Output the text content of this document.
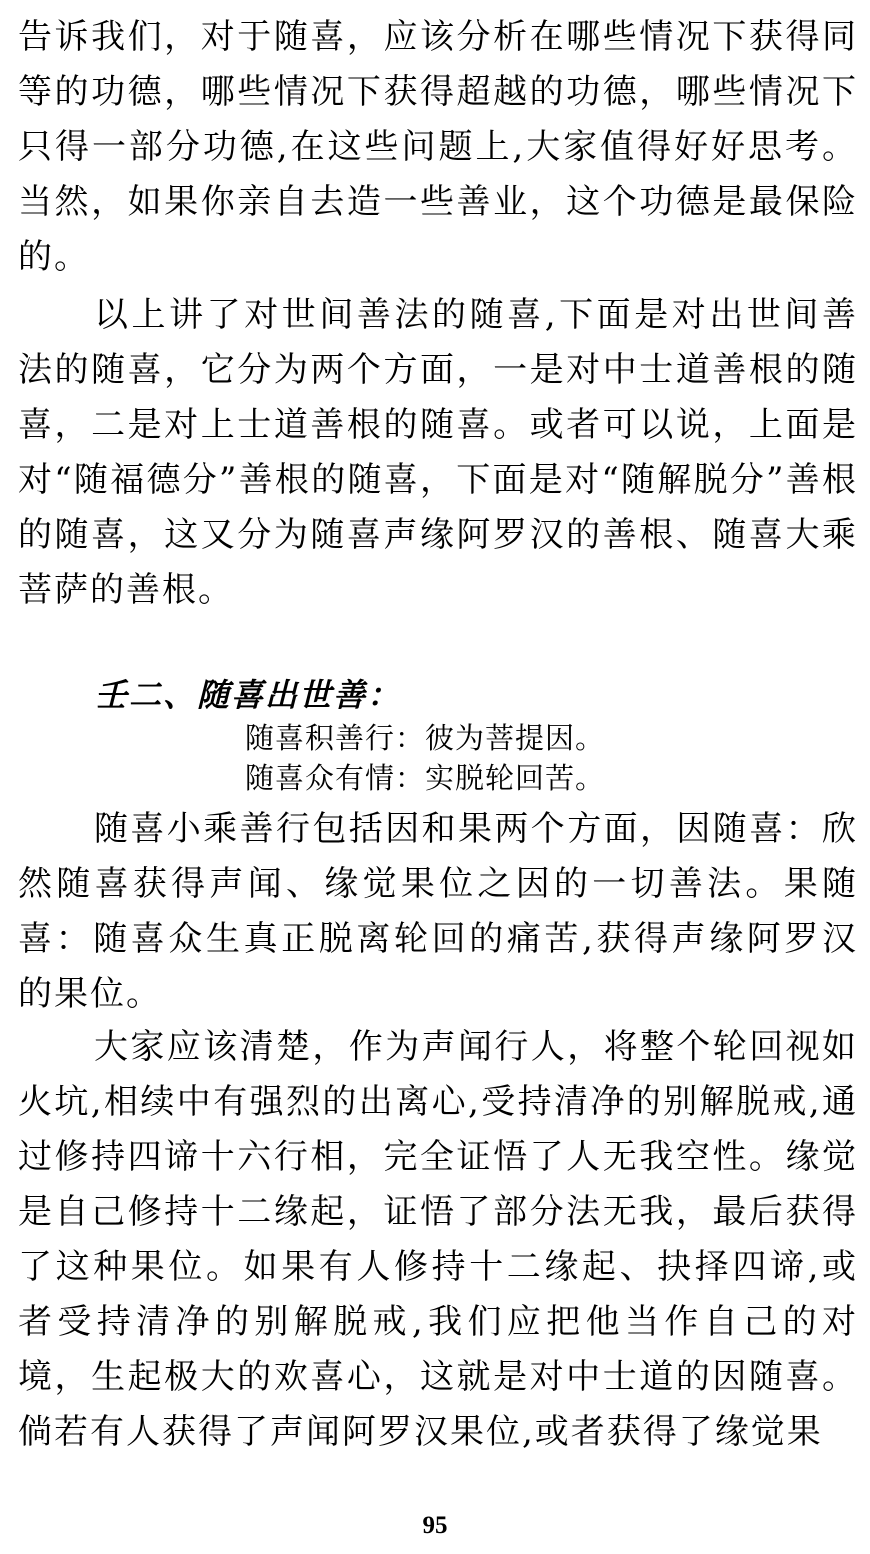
告诉我们，对于随喜，应该分析在哪些情况下获得同等的功德，哪些情况下获得超越的功德，哪些情况下只得一部分功德,在这些问题上,大家值得好好思考。当然，如果你亲自去造一些善业，这个功德是最保险的。

以上讲了对世间善法的随喜,下面是对出世间善法的随喜，它分为两个方面，一是对中士道善根的随喜，二是对上士道善根的随喜。或者可以说，上面是对“随福德分”善根的随喜，下面是对“随解脱分”善根的随喜，这又分为随喜声缘阿罗汉的善根、随喜大乘菩萨的善根。

壬二、随喜出世善：

随喜积善行：彼为菩提因。

随喜众有情：实脱轮回苦。

随喜小乘善行包括因和果两个方面，因随喜：欣然随喜获得声闻、缘觉果位之因的一切善法。果随喜：随喜众生真正脱离轮回的痛苦,获得声缘阿罗汉的果位。

大家应该清楚，作为声闻行人，将整个轮回视如火坑,相续中有强烈的出离心,受持清净的别解脱戒,通过修持四谛十六行相，完全证悟了人无我空性。缘觉是自己修持十二缘起，证悟了部分法无我，最后获得了这种果位。如果有人修持十二缘起、抉择四谛,或者受持清净的别解脱戒,我们应把他当作自己的对境，生起极大的欢喜心，这就是对中士道的因随喜。倘若有人获得了声闻阿罗汉果位,或者获得了缘觉果

95
